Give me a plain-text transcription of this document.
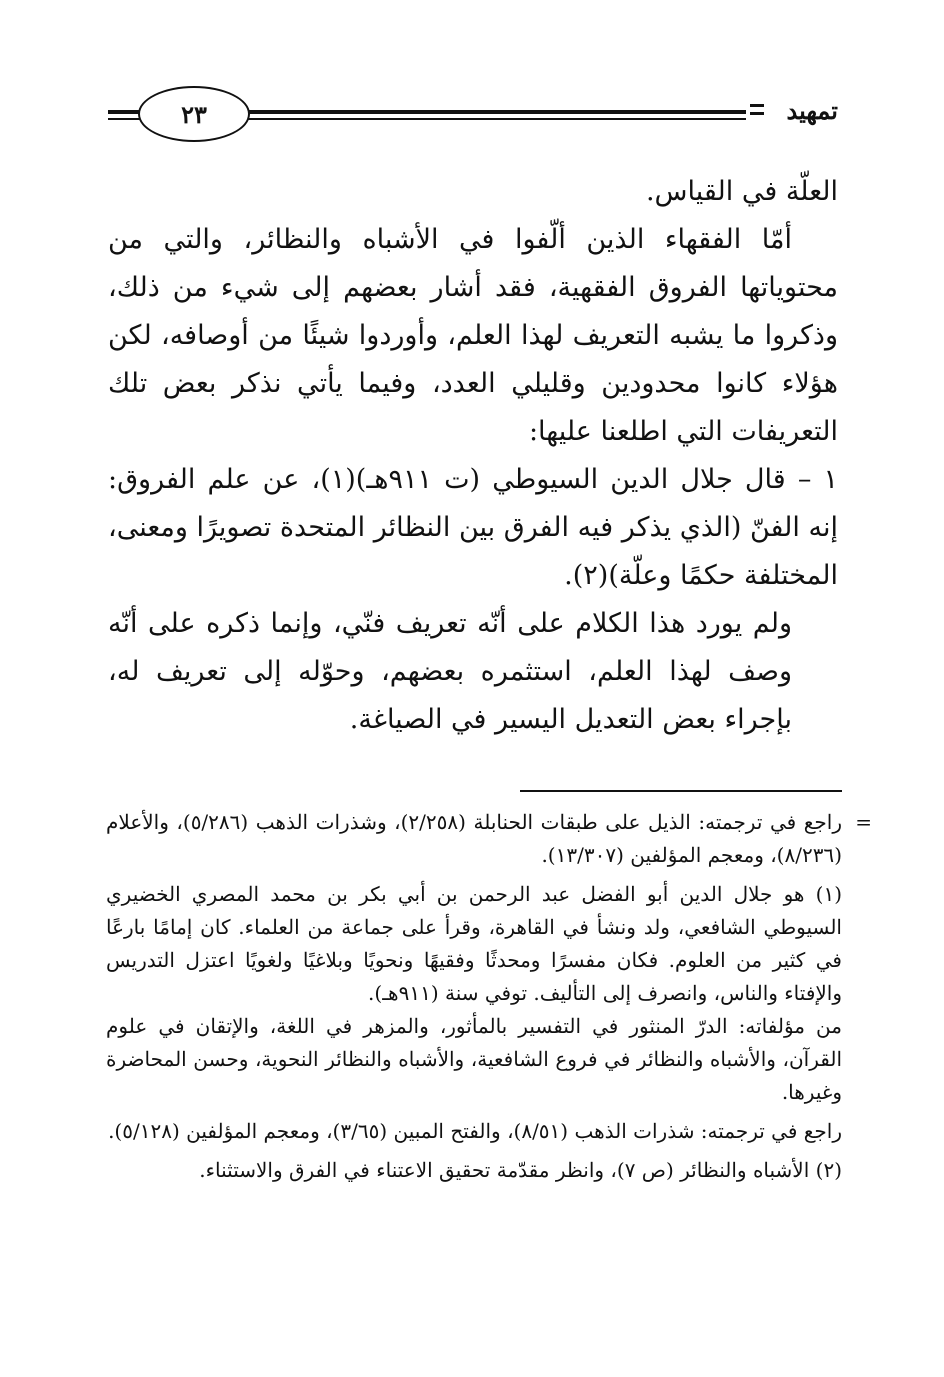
تمهيد
٢٣

العلّة في القياس.

أمّا الفقهاء الذين ألّفوا في الأشباه والنظائر، والتي من محتوياتها الفروق الفقهية، فقد أشار بعضهم إلى شيء من ذلك، وذكروا ما يشبه التعريف لهذا العلم، وأوردوا شيئًا من أوصافه، لكن هؤلاء كانوا محدودين وقليلي العدد، وفيما يأتي نذكر بعض تلك التعريفات التي اطلعنا عليها:

١ – قال جلال الدين السيوطي (ت ٩١١هـ)(١)، عن علم الفروق: إنه الفنّ (الذي يذكر فيه الفرق بين النظائر المتحدة تصويرًا ومعنى، المختلفة حكمًا وعلّة)(٢).

ولم يورد هذا الكلام على أنّه تعريف فنّي، وإنما ذكره على أنّه وصف لهذا العلم، استثمره بعضهم، وحوّله إلى تعريف له، بإجراء بعض التعديل اليسير في الصياغة.

=

راجع في ترجمته: الذيل على طبقات الحنابلة (٢/٢٥٨)، وشذرات الذهب (٥/٢٨٦)، والأعلام (٨/٢٣٦)، ومعجم المؤلفين (١٣/٣٠٧).

(١) هو جلال الدين أبو الفضل عبد الرحمن بن أبي بكر بن محمد المصري الخضيري السيوطي الشافعي، ولد ونشأ في القاهرة، وقرأ على جماعة من العلماء. كان إمامًا بارعًا في كثير من العلوم. فكان مفسرًا ومحدثًا وفقيهًا ونحويًا وبلاغيًا ولغويًا اعتزل التدريس والإفتاء والناس، وانصرف إلى التأليف. توفي سنة (٩١١هـ).

من مؤلفاته: الدرّ المنثور في التفسير بالمأثور، والمزهر في اللغة، والإتقان في علوم القرآن، والأشباه والنظائر في فروع الشافعية، والأشباه والنظائر النحوية، وحسن المحاضرة وغيرها.

راجع في ترجمته: شذرات الذهب (٨/٥١)، والفتح المبين (٣/٦٥)، ومعجم المؤلفين (٥/١٢٨).

(٢) الأشباه والنظائر (ص ٧)، وانظر مقدّمة تحقيق الاعتناء في الفرق والاستثناء.
